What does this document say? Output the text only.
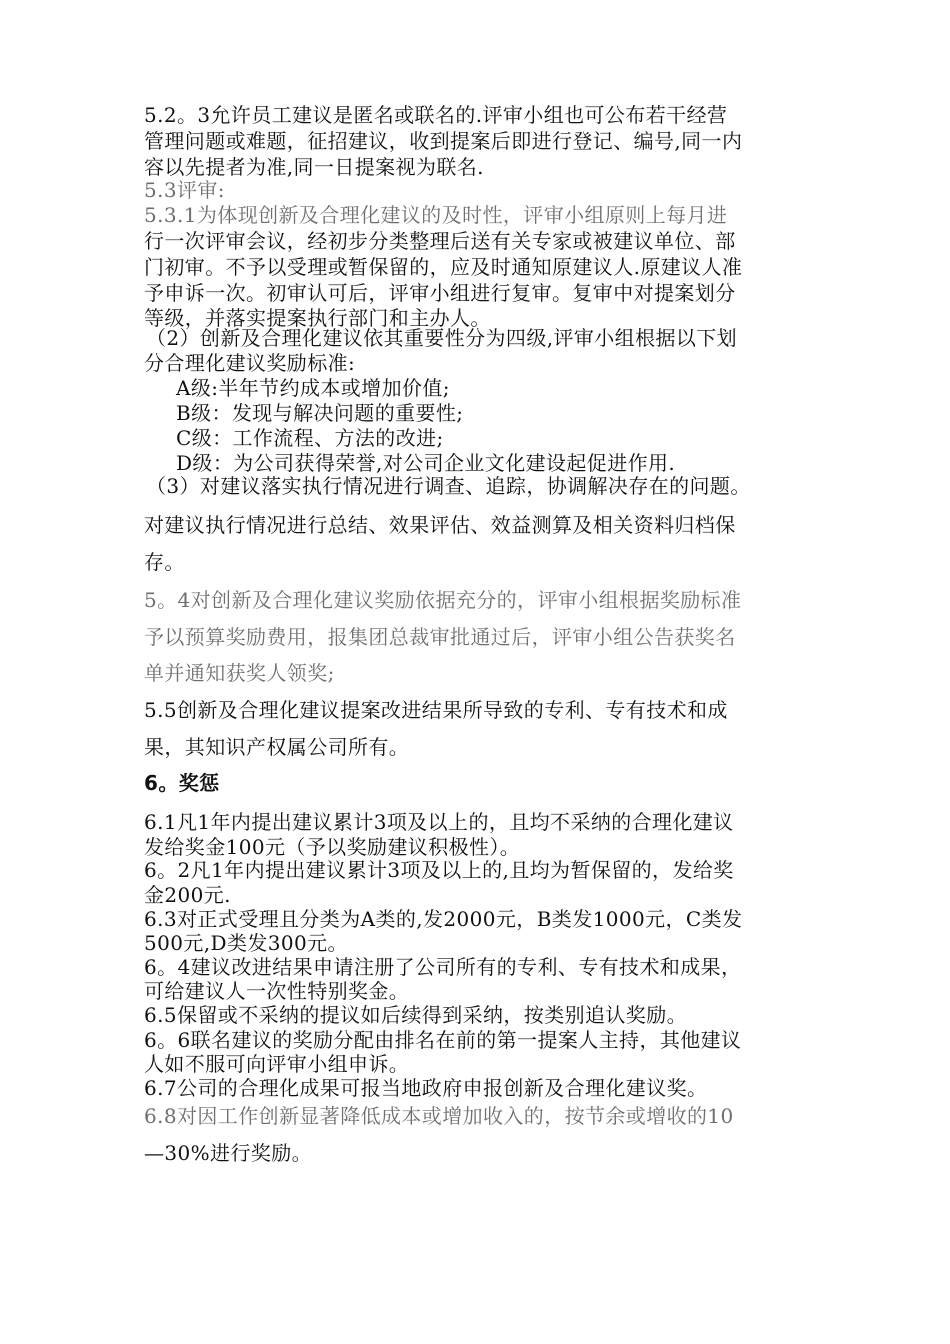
5.2。3允许员工建议是匿名或联名的.评审小组也可公布若干经营
管理问题或难题，征招建议，收到提案后即进行登记、编号,同一内
容以先提者为准,同一日提案视为联名.
5.3评审:
5.3.1为体现创新及合理化建议的及时性，评审小组原则上每月进
行一次评审会议，经初步分类整理后送有关专家或被建议单位、部
门初审。不予以受理或暂保留的，应及时通知原建议人.原建议人准
予申诉一次。初审认可后，评审小组进行复审。复审中对提案划分
等级，并落实提案执行部门和主办人。
（2）创新及合理化建议依其重要性分为四级,评审小组根据以下划
分合理化建议奖励标准:
A级:半年节约成本或增加价值;
B级：发现与解决问题的重要性;
C级：工作流程、方法的改进;
D级：为公司获得荣誉,对公司企业文化建设起促进作用.
（3）对建议落实执行情况进行调查、追踪，协调解决存在的问题。
对建议执行情况进行总结、效果评估、效益测算及相关资料归档保
存。
5。4对创新及合理化建议奖励依据充分的，评审小组根据奖励标准
予以预算奖励费用，报集团总裁审批通过后，评审小组公告获奖名
单并通知获奖人领奖;
5.5创新及合理化建议提案改进结果所导致的专利、专有技术和成
果，其知识产权属公司所有。
6。奖惩
6.1凡1年内提出建议累计3项及以上的，且均不采纳的合理化建议
发给奖金100元（予以奖励建议积极性）。
6。2凡1年内提出建议累计3项及以上的,且均为暂保留的，发给奖
金200元.
6.3对正式受理且分类为A类的,发2000元，B类发1000元，C类发
500元,D类发300元。
6。4建议改进结果申请注册了公司所有的专利、专有技术和成果，
可给建议人一次性特别奖金。
6.5保留或不采纳的提议如后续得到采纳，按类别追认奖励。
6。6联名建议的奖励分配由排名在前的第一提案人主持，其他建议
人如不服可向评审小组申诉。
6.7公司的合理化成果可报当地政府申报创新及合理化建议奖。
6.8对因工作创新显著降低成本或增加收入的，按节余或增收的10
—30%进行奖励。
